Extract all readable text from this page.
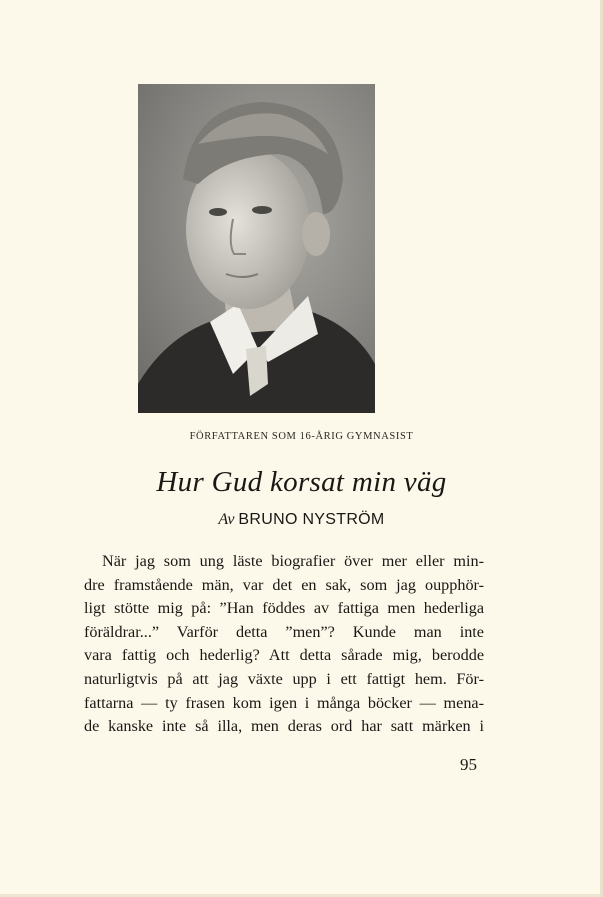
FÖRFATTAREN SOM 16-ÅRIG GYMNASIST
Hur Gud korsat min väg
Av BRUNO NYSTRÖM
När jag som ung läste biografier över mer eller min-
dre framstående män, var det en sak, som jag oupphör-
ligt stötte mig på: ”Han föddes av fattiga men hederliga
föräldrar...” Varför detta ”men”? Kunde man inte
vara fattig och hederlig? Att detta sårade mig, berodde
naturligtvis på att jag växte upp i ett fattigt hem. För-
fattarna — ty frasen kom igen i många böcker — mena-
de kanske inte så illa, men deras ord har satt märken i
95
